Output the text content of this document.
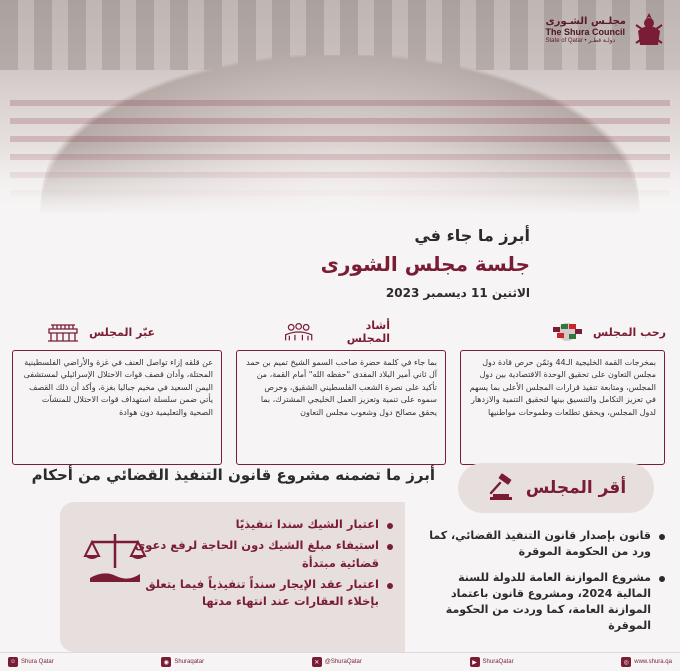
مجلـس الشـورى
The Shura Council
State of Qatar • دولـة قطـر
أبرز ما جاء في
جلسة مجلس الشورى
الاثنين 11 ديسمبر 2023
رحب المجلس
أشاد المجلس
عبّر المجلس
بمخرجات القمة الخليجية الـ44 وثمّن حرص قادة دول مجلس التعاون على تحقيق الوحدة الاقتصادية بين دول المجلس، ومتابعة تنفيذ قرارات المجلس الأعلى بما يسهم في تعزيز التكامل والتنسيق بينها لتحقيق التنمية والازدهار لدول المجلس، ويحقق تطلعات وطموحات مواطنيها
بما جاء في كلمة حضرة صاحب السمو الشيخ تميم بن حمد آل ثاني أمير البلاد المفدى "حفظه الله" أمام القمة، من تأكيد على نصرة الشعب الفلسطيني الشقيق، وحرص سموه على تنمية وتعزيز العمل الخليجي المشترك، بما يحقق مصالح دول وشعوب مجلس التعاون
عن قلقه إزاء تواصل العنف في غزة والأراضي الفلسطينية المحتلة، وأدان قصف قوات الاحتلال الإسرائيلي لمستشفى اليمن السعيد في مخيم جباليا بغزة، وأكد أن ذلك القصف يأتي ضمن سلسلة استهداف قوات الاحتلال للمنشآت الصحية والتعليمية دون هوادة
أبرز ما تضمنه مشروع قانون التنفيذ القضائي من أحكام
أقر المجلس
اعتبار الشيك سندا تنفيذيًا
استيفاء مبلغ الشيك دون الحاجة لرفع دعوى قضائية مبتدأة
اعتبار عقد الإيجار سنداً تنفيذياً فيما يتعلق بإخلاء العقارات عند انتهاء مدتها
قانون بإصدار قانون التنفيذ القضائي، كما ورد من الحكومة الموقرة
مشروع الموازنة العامة للدولة للسنة المالية 2024، ومشروع قانون باعتماد الموازنة العامة، كما وردت من الحكومة الموقرة
◎ www.shura.qa
▶ ShuraQatar
✕ @ShuraQatar
◉ Shuraqatar
☺ Shura Qatar
